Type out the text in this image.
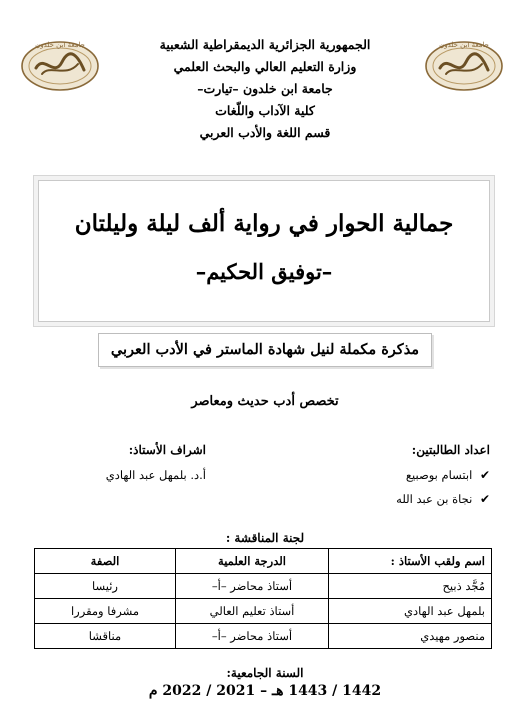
جامعة ابن خلدون	جامعة ابن خلدون
الجمهورية الجزائرية الديمقراطية الشعبية
وزارة التعليم العالي والبحث العلمي
جامعة ابن خلدون –تيارت–
كلية الآداب واللّغات
قسم اللغة والأدب العربي
جمالية الحوار في رواية ألف ليلة وليلتان
–توفيق الحكيم–
مذكرة مكملة لنيل شهادة الماستر في الأدب العربي
تخصص أدب حديث ومعاصر
اعداد الطالبتين:
✔ ابتسام بوصبيع
✔ نجاة بن عبد الله
اشراف الأستاذ:
أ.د. بلمهل عبد الهادي
لجنة المناقشة :
اسم ولقب الأستاذ :	الدرجة العلمية	الصفة
مُجَّد ذبيح	أستاذ محاضر –أ–	رئيسا
بلمهل عبد الهادي	أستاذ تعليم العالي	مشرفا ومقررا
منصور مهيدي	أستاذ محاضر –أ–	مناقشا
السنة الجامعية:
1442 / 1443 هـ – 2021 / 2022 م
